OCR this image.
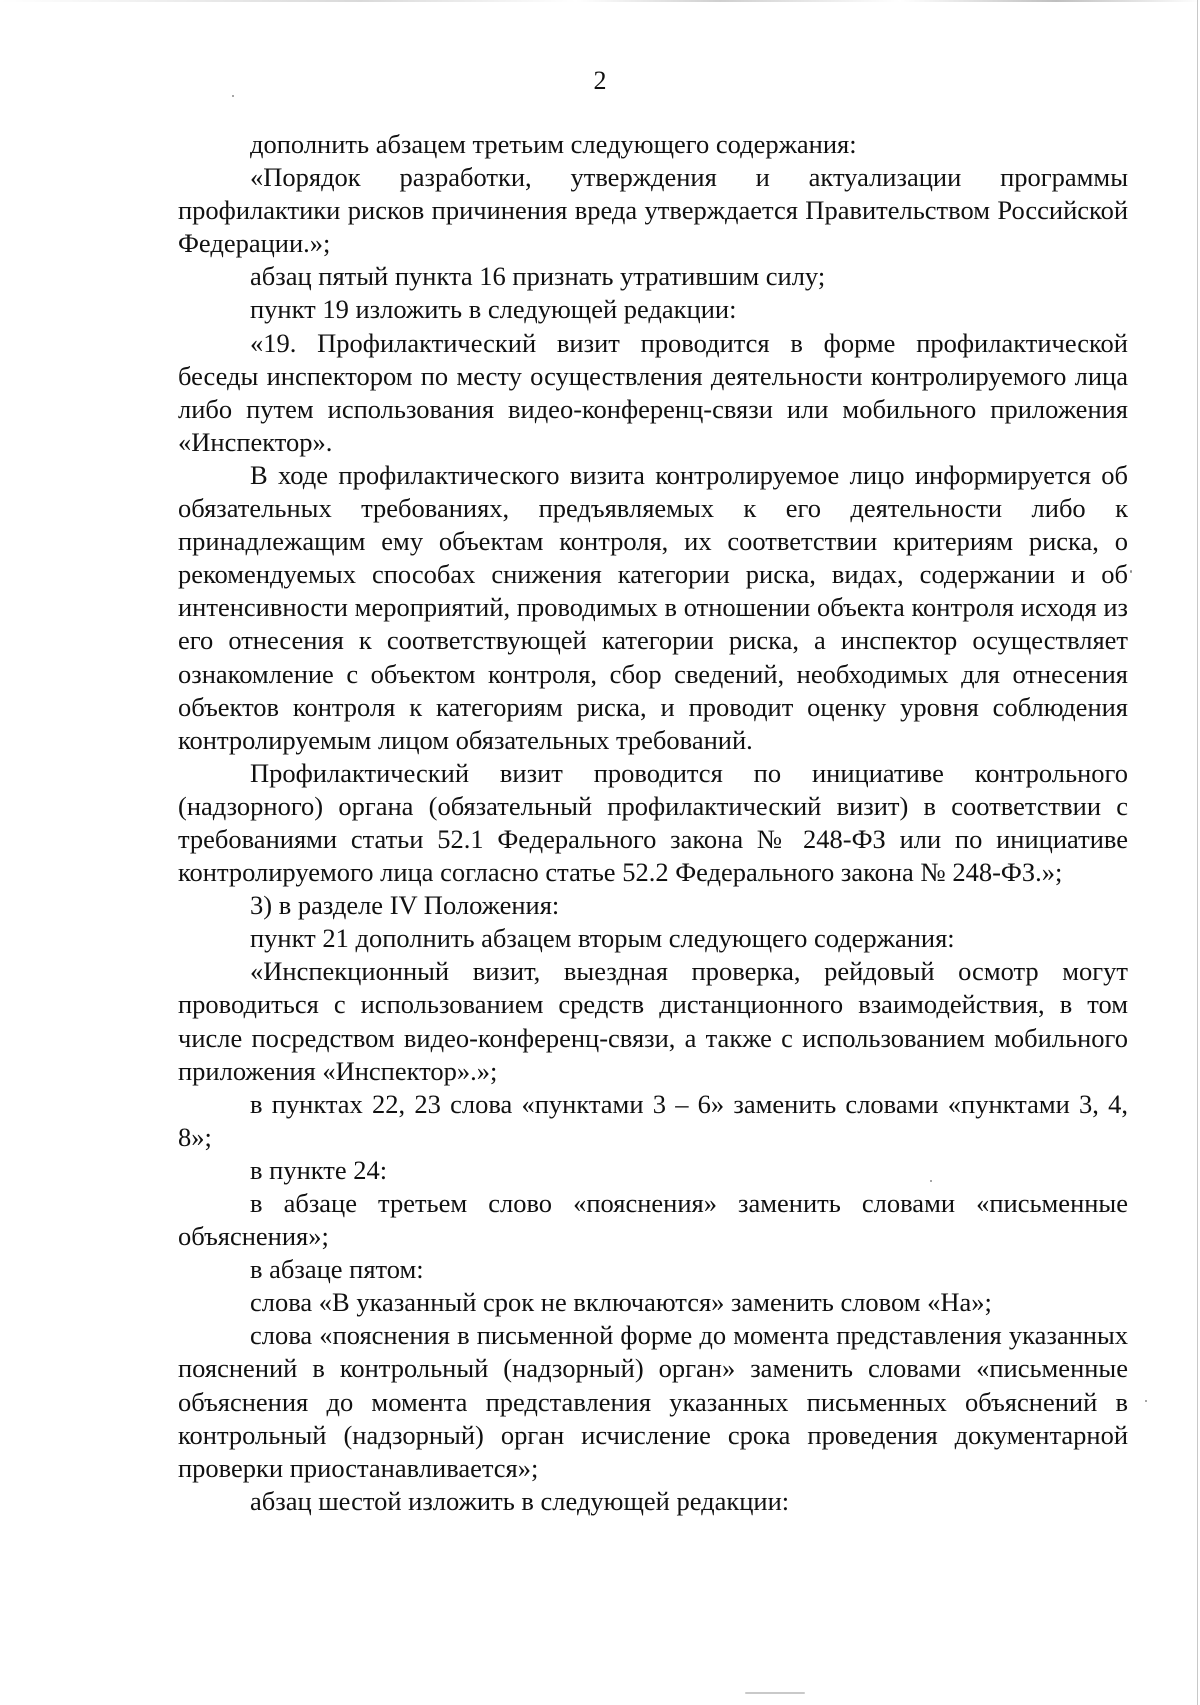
2

дополнить абзацем третьим следующего содержания:

«Порядок разработки, утверждения и актуализации программы профилактики рисков причинения вреда утверждается Правительством Российской Федерации.»;

абзац пятый пункта 16 признать утратившим силу;

пункт 19 изложить в следующей редакции:

«19. Профилактический визит проводится в форме профилактической беседы инспектором по месту осуществления деятельности контролируемого лица либо путем использования видео-конференц-связи или мобильного приложения «Инспектор».

В ходе профилактического визита контролируемое лицо информируется об обязательных требованиях, предъявляемых к его деятельности либо к принадлежащим ему объектам контроля, их соответствии критериям риска, о рекомендуемых способах снижения категории риска, видах, содержании и об интенсивности мероприятий, проводимых в отношении объекта контроля исходя из его отнесения к соответствующей категории риска, а инспектор осуществляет ознакомление с объектом контроля, сбор сведений, необходимых для отнесения объектов контроля к категориям риска, и проводит оценку уровня соблюдения контролируемым лицом обязательных требований.

Профилактический визит проводится по инициативе контрольного (надзорного) органа (обязательный профилактический визит) в соответствии с требованиями статьи 52.1 Федерального закона № 248-ФЗ или по инициативе контролируемого лица согласно статье 52.2 Федерального закона № 248-ФЗ.»;

3) в разделе IV Положения:

пункт 21 дополнить абзацем вторым следующего содержания:

«Инспекционный визит, выездная проверка, рейдовый осмотр могут проводиться с использованием средств дистанционного взаимодействия, в том числе посредством видео-конференц-связи, а также с использованием мобильного приложения «Инспектор».»;

в пунктах 22, 23 слова «пунктами 3 – 6» заменить словами «пунктами 3, 4, 8»;

в пункте 24:

в абзаце третьем слово «пояснения» заменить словами «письменные объяснения»;

в абзаце пятом:

слова «В указанный срок не включаются» заменить словом «На»;

слова «пояснения в письменной форме до момента представления указанных пояснений в контрольный (надзорный) орган» заменить словами «письменные объяснения до момента представления указанных письменных объяснений в контрольный (надзорный) орган исчисление срока проведения документарной проверки приостанавливается»;

абзац шестой изложить в следующей редакции:
